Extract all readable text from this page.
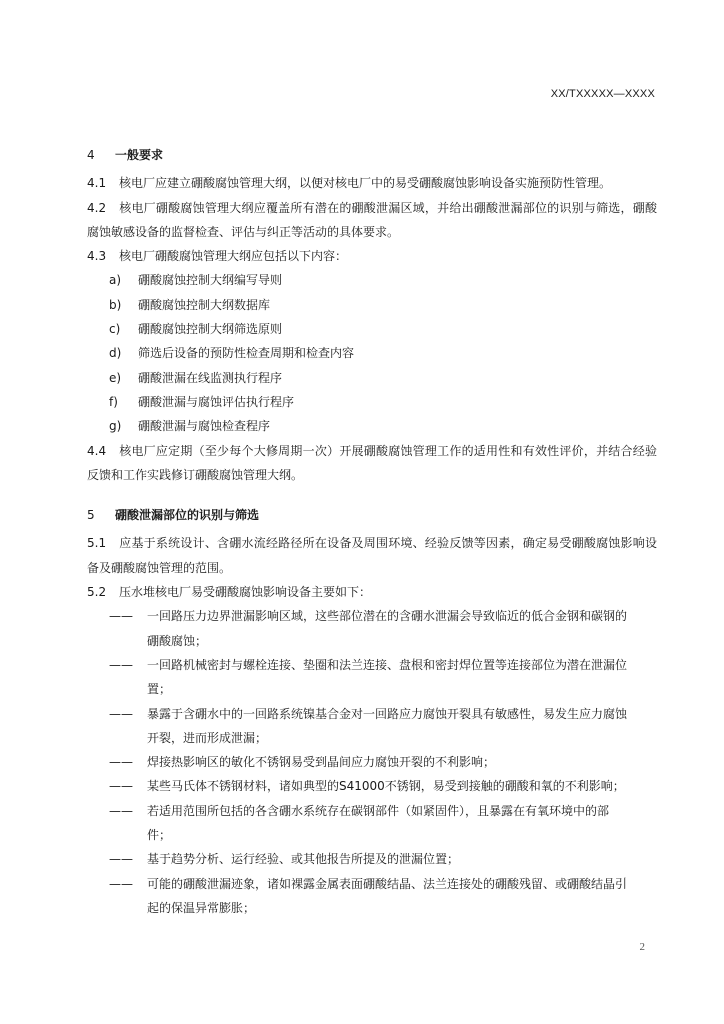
XX/TXXXXX—XXXX

4 一般要求
4.1 核电厂应建立硼酸腐蚀管理大纲，以便对核电厂中的易受硼酸腐蚀影响设备实施预防性管理。
4.2 核电厂硼酸腐蚀管理大纲应覆盖所有潜在的硼酸泄漏区域，并给出硼酸泄漏部位的识别与筛选，硼酸腐蚀敏感设备的监督检查、评估与纠正等活动的具体要求。
4.3 核电厂硼酸腐蚀管理大纲应包括以下内容：
a) 硼酸腐蚀控制大纲编写导则
b) 硼酸腐蚀控制大纲数据库
c) 硼酸腐蚀控制大纲筛选原则
d) 筛选后设备的预防性检查周期和检查内容
e) 硼酸泄漏在线监测执行程序
f) 硼酸泄漏与腐蚀评估执行程序
g) 硼酸泄漏与腐蚀检查程序
4.4 核电厂应定期（至少每个大修周期一次）开展硼酸腐蚀管理工作的适用性和有效性评价，并结合经验反馈和工作实践修订硼酸腐蚀管理大纲。
5 硼酸泄漏部位的识别与筛选
5.1 应基于系统设计、含硼水流经路径所在设备及周围环境、经验反馈等因素，确定易受硼酸腐蚀影响设备及硼酸腐蚀管理的范围。
5.2 压水堆核电厂易受硼酸腐蚀影响设备主要如下：
—— 一回路压力边界泄漏影响区域，这些部位潜在的含硼水泄漏会导致临近的低合金钢和碳钢的
硼酸腐蚀；
—— 一回路机械密封与螺栓连接、垫圈和法兰连接、盘根和密封焊位置等连接部位为潜在泄漏位
置；
—— 暴露于含硼水中的一回路系统镍基合金对一回路应力腐蚀开裂具有敏感性，易发生应力腐蚀
开裂，进而形成泄漏；
—— 焊接热影响区的敏化不锈钢易受到晶间应力腐蚀开裂的不利影响；
—— 某些马氏体不锈钢材料，诸如典型的S41000不锈钢，易受到接触的硼酸和氧的不利影响；
—— 若适用范围所包括的各含硼水系统存在碳钢部件（如紧固件），且暴露在有氧环境中的部
件；
—— 基于趋势分析、运行经验、或其他报告所提及的泄漏位置；
—— 可能的硼酸泄漏迹象，诸如裸露金属表面硼酸结晶、法兰连接处的硼酸残留、或硼酸结晶引
起的保温异常膨胀；
2
